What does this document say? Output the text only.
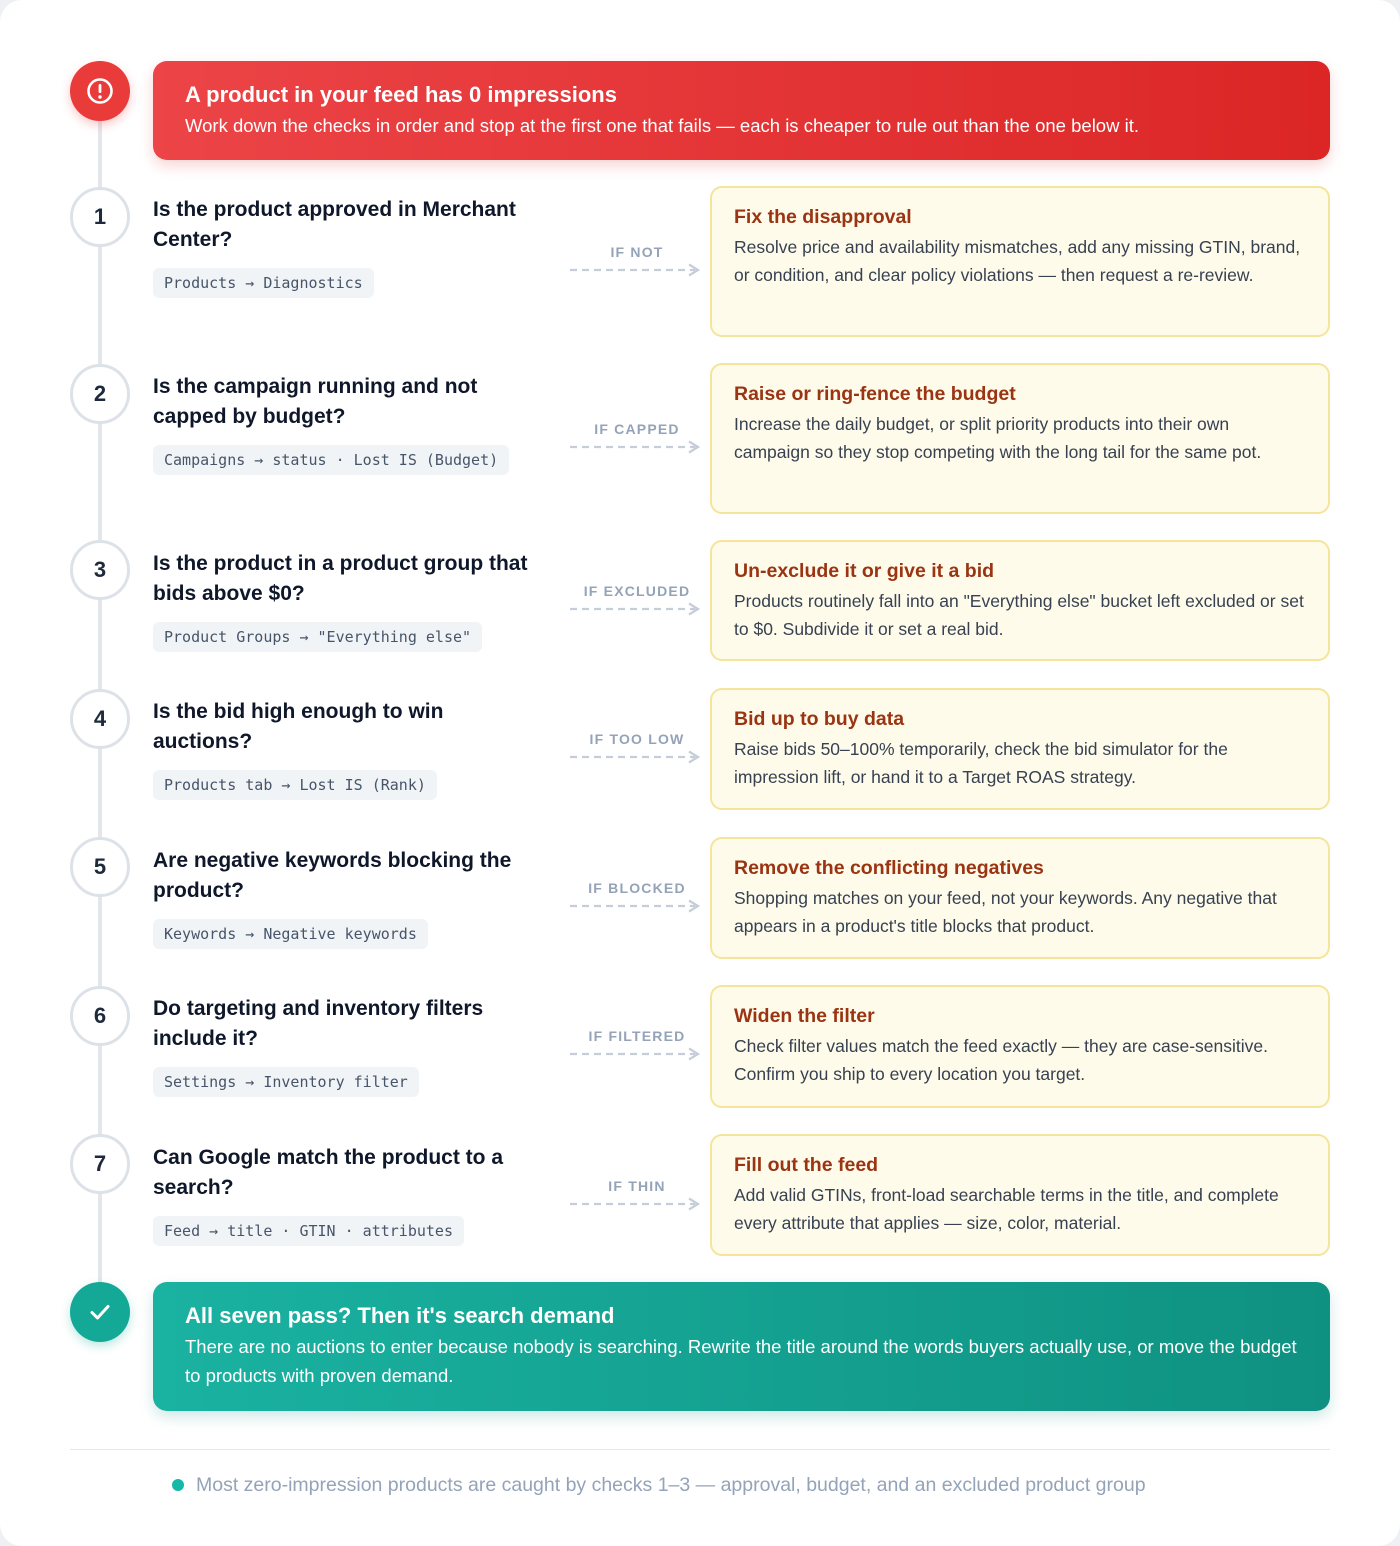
A product in your feed has 0 impressions
Work down the checks in order and stop at the first one that fails — each is cheaper to rule out than the one below it.
1	Is the product approved in Merchant Center?
Products → Diagnostics
IF NOT
Fix the disapproval
Resolve price and availability mismatches, add any missing GTIN, brand, or condition, and clear policy violations — then request a re-review.
2	Is the campaign running and not capped by budget?
Campaigns → status · Lost IS (Budget)
IF CAPPED
Raise or ring-fence the budget
Increase the daily budget, or split priority products into their own campaign so they stop competing with the long tail for the same pot.
3	Is the product in a product group that bids above $0?
Product Groups → "Everything else"
IF EXCLUDED
Un-exclude it or give it a bid
Products routinely fall into an "Everything else" bucket left excluded or set to $0. Subdivide it or set a real bid.
4	Is the bid high enough to win auctions?
Products tab → Lost IS (Rank)
IF TOO LOW
Bid up to buy data
Raise bids 50–100% temporarily, check the bid simulator for the impression lift, or hand it to a Target ROAS strategy.
5	Are negative keywords blocking the product?
Keywords → Negative keywords
IF BLOCKED
Remove the conflicting negatives
Shopping matches on your feed, not your keywords. Any negative that appears in a product's title blocks that product.
6	Do targeting and inventory filters include it?
Settings → Inventory filter
IF FILTERED
Widen the filter
Check filter values match the feed exactly — they are case-sensitive. Confirm you ship to every location you target.
7	Can Google match the product to a search?
Feed → title · GTIN · attributes
IF THIN
Fill out the feed
Add valid GTINs, front-load searchable terms in the title, and complete every attribute that applies — size, color, material.
All seven pass? Then it's search demand
There are no auctions to enter because nobody is searching. Rewrite the title around the words buyers actually use, or move the budget to products with proven demand.
Most zero-impression products are caught by checks 1–3 — approval, budget, and an excluded product group
